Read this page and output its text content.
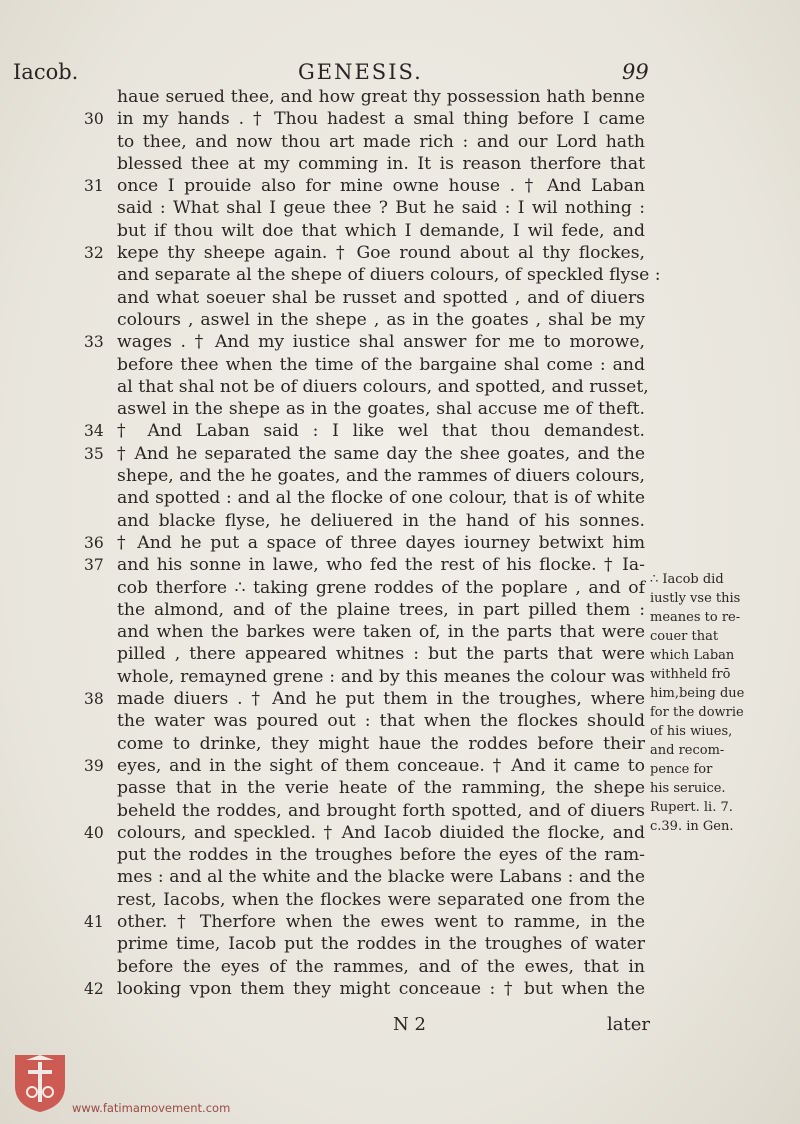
Iacob.	GENESIS.	99
haue serued thee, and how great thy possession hath benne
30 in my hands . † Thou hadest a smal thing before I came
to thee, and now thou art made rich : and our Lord hath
blessed thee at my comming in. It is reason therfore that
31 once I prouide also for mine owne house . † And Laban
said : What shal I geue thee ? But he said : I wil nothing :
but if thou wilt doe that which I demande, I wil fede, and
32 kepe thy sheepe again. † Goe round about al thy flockes,
and separate al the shepe of diuers colours, of speckled flyse :
and what soeuer shal be russet and spotted , and of diuers
colours , aswel in the shepe , as in the goates , shal be my
33 wages . † And my iustice shal answer for me to morowe,
before thee when the time of the bargaine shal come : and
al that shal not be of diuers colours, and spotted, and russet,
aswel in the shepe as in the goates, shal accuse me of theft.
34 † And Laban said : I like wel that thou demandest.
35 † And he separated the same day the shee goates, and the
shepe, and the he goates, and the rammes of diuers colours,
and spotted : and al the flocke of one colour, that is of white
and blacke flyse, he deliuered in the hand of his sonnes.
36 † And he put a space of three dayes iourney betwixt him
37 and his sonne in lawe, who fed the rest of his flocke. † Ia-
cob therfore ∴ taking grene roddes of the poplare , and of
the almond, and of the plaine trees, in part pilled them :
and when the barkes were taken of, in the parts that were
pilled , there appeared whitnes : but the parts that were
whole, remayned grene : and by this meanes the colour was
38 made diuers . † And he put them in the troughes, where
the water was poured out : that when the flockes should
come to drinke, they might haue the roddes before their
39 eyes, and in the sight of them conceaue. † And it came to
passe that in the verie heate of the ramming, the shepe
beheld the roddes, and brought forth spotted, and of diuers
40 colours, and speckled. † And Iacob diuided the flocke, and
put the roddes in the troughes before the eyes of the ram-
mes : and al the white and the blacke were Labans : and the
rest, Iacobs, when the flockes were separated one from the
41 other. † Therfore when the ewes went to ramme, in the
prime time, Iacob put the roddes in the troughes of water
before the eyes of the rammes, and of the ewes, that in
42 looking vpon them they might conceaue : † but when the
∴ Iacob did
iustly vse this
meanes to re-
couer that
which Laban
withheld frō
him,being due
for the dowrie
of his wiues,
and recom-
pence for
his seruice.
Rupert. li. 7.
c.39. in Gen.
N 2	later
www.fatimamovement.com
